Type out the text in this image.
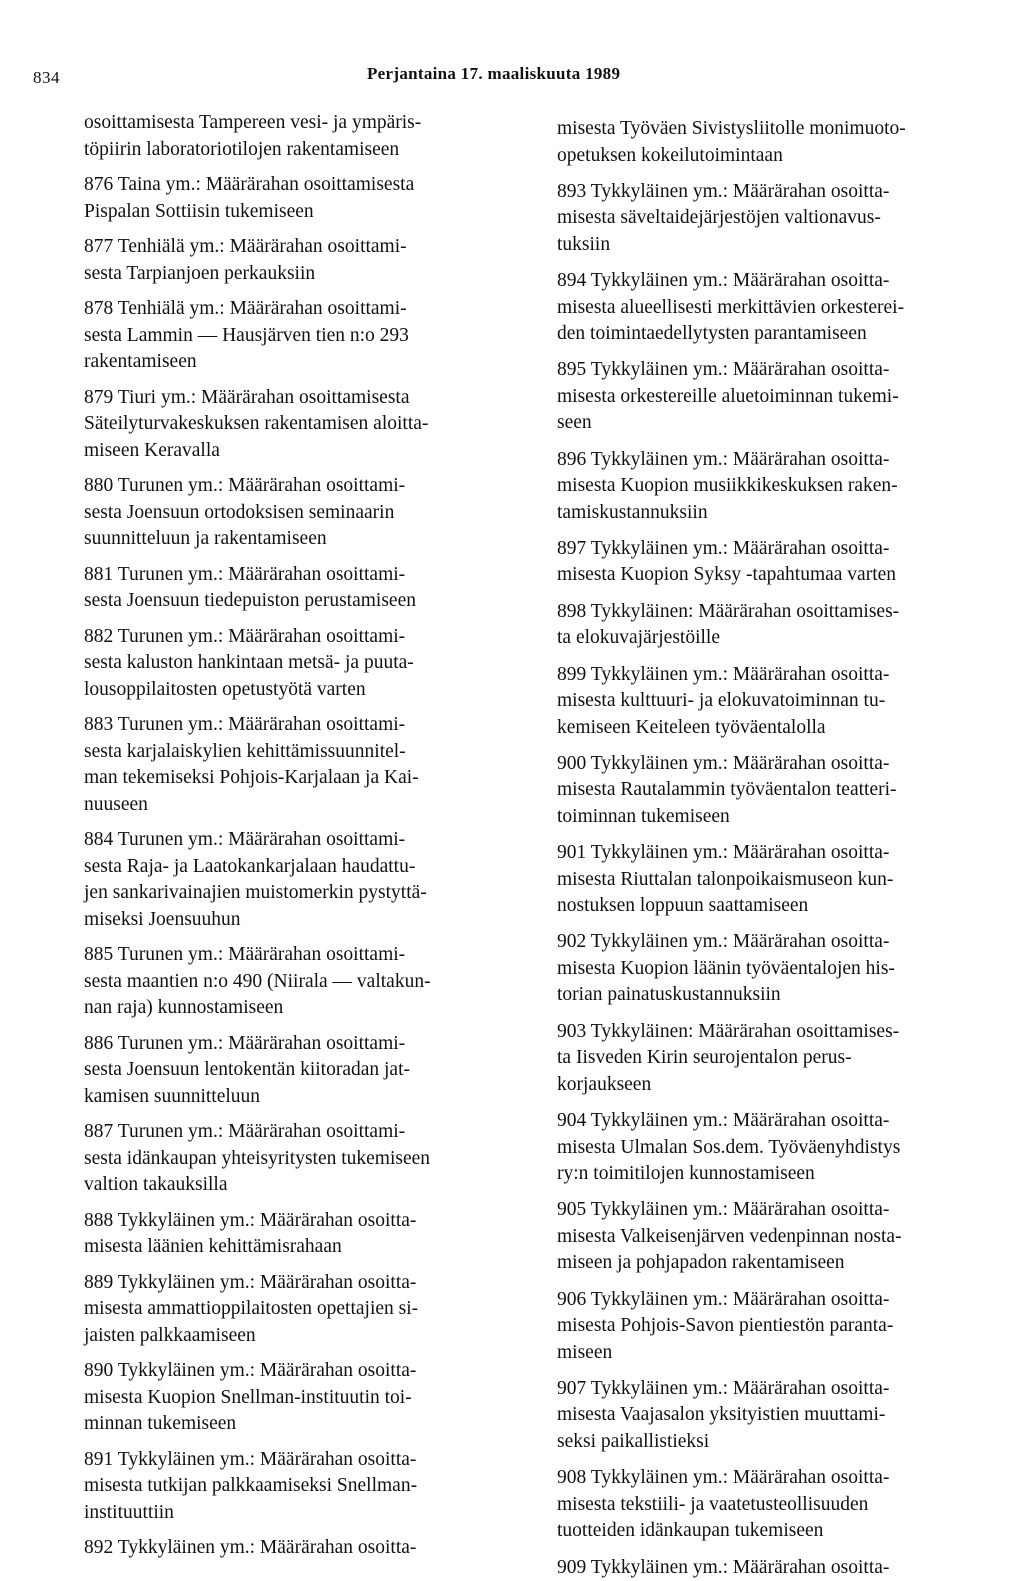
834	Perjantaina 17. maaliskuuta 1989

osoittamisesta Tampereen vesi- ja ympäris-
töpiirin laboratoriotilojen rakentamiseen

876 Taina ym.: Määrärahan osoittamisesta
Pispalan Sottiisin tukemiseen

877 Tenhiälä ym.: Määrärahan osoittami-
sesta Tarpianjoen perkauksiin

878 Tenhiälä ym.: Määrärahan osoittami-
sesta Lammin — Hausjärven tien n:o 293
rakentamiseen

879 Tiuri ym.: Määrärahan osoittamisesta
Säteilyturvakeskuksen rakentamisen aloitta-
miseen Keravalla

880 Turunen ym.: Määrärahan osoittami-
sesta Joensuun ortodoksisen seminaarin
suunnitteluun ja rakentamiseen

881 Turunen ym.: Määrärahan osoittami-
sesta Joensuun tiedepuiston perustamiseen

882 Turunen ym.: Määrärahan osoittami-
sesta kaluston hankintaan metsä- ja puuta-
lousoppilaitosten opetustyötä varten

883 Turunen ym.: Määrärahan osoittami-
sesta karjalaiskylien kehittämissuunnitel-
man tekemiseksi Pohjois-Karjalaan ja Kai-
nuuseen

884 Turunen ym.: Määrärahan osoittami-
sesta Raja- ja Laatokankarjalaan haudattu-
jen sankarivainajien muistomerkin pystyttä-
miseksi Joensuuhun

885 Turunen ym.: Määrärahan osoittami-
sesta maantien n:o 490 (Niirala — valtakun-
nan raja) kunnostamiseen

886 Turunen ym.: Määrärahan osoittami-
sesta Joensuun lentokentän kiitoradan jat-
kamisen suunnitteluun

887 Turunen ym.: Määrärahan osoittami-
sesta idänkaupan yhteisyritysten tukemiseen
valtion takauksilla

888 Tykkyläinen ym.: Määrärahan osoitta-
misesta läänien kehittämisrahaan

889 Tykkyläinen ym.: Määrärahan osoitta-
misesta ammattioppilaitosten opettajien si-
jaisten palkkaamiseen

890 Tykkyläinen ym.: Määrärahan osoitta-
misesta Kuopion Snellman-instituutin toi-
minnan tukemiseen

891 Tykkyläinen ym.: Määrärahan osoitta-
misesta tutkijan palkkaamiseksi Snellman-
instituuttiin

892 Tykkyläinen ym.: Määrärahan osoitta-

misesta Työväen Sivistysliitolle monimuoto-
opetuksen kokeilutoimintaan

893 Tykkyläinen ym.: Määrärahan osoitta-
misesta säveltaidejärjestöjen valtionavus-
tuksiin

894 Tykkyläinen ym.: Määrärahan osoitta-
misesta alueellisesti merkittävien orkesterei-
den toimintaedellytysten parantamiseen

895 Tykkyläinen ym.: Määrärahan osoitta-
misesta orkestereille aluetoiminnan tukemi-
seen

896 Tykkyläinen ym.: Määrärahan osoitta-
misesta Kuopion musiikkikeskuksen raken-
tamiskustannuksiin

897 Tykkyläinen ym.: Määrärahan osoitta-
misesta Kuopion Syksy -tapahtumaa varten

898 Tykkyläinen: Määrärahan osoittamises-
ta elokuvajärjestöille

899 Tykkyläinen ym.: Määrärahan osoitta-
misesta kulttuuri- ja elokuvatoiminnan tu-
kemiseen Keiteleen työväentalolla

900 Tykkyläinen ym.: Määrärahan osoitta-
misesta Rautalammin työväentalon teatteri-
toiminnan tukemiseen

901 Tykkyläinen ym.: Määrärahan osoitta-
misesta Riuttalan talonpoikaismuseon kun-
nostuksen loppuun saattamiseen

902 Tykkyläinen ym.: Määrärahan osoitta-
misesta Kuopion läänin työväentalojen his-
torian painatuskustannuksiin

903 Tykkyläinen: Määrärahan osoittamises-
ta Iisveden Kirin seurojentalon perus-
korjaukseen

904 Tykkyläinen ym.: Määrärahan osoitta-
misesta Ulmalan Sos.dem. Työväenyhdistys
ry:n toimitilojen kunnostamiseen

905 Tykkyläinen ym.: Määrärahan osoitta-
misesta Valkeisenjärven vedenpinnan nosta-
miseen ja pohjapadon rakentamiseen

906 Tykkyläinen ym.: Määrärahan osoitta-
misesta Pohjois-Savon pientiestön paranta-
miseen

907 Tykkyläinen ym.: Määrärahan osoitta-
misesta Vaajasalon yksityistien muuttami-
seksi paikallistieksi

908 Tykkyläinen ym.: Määrärahan osoitta-
misesta tekstiili- ja vaatetusteollisuuden
tuotteiden idänkaupan tukemiseen

909 Tykkyläinen ym.: Määrärahan osoitta-
